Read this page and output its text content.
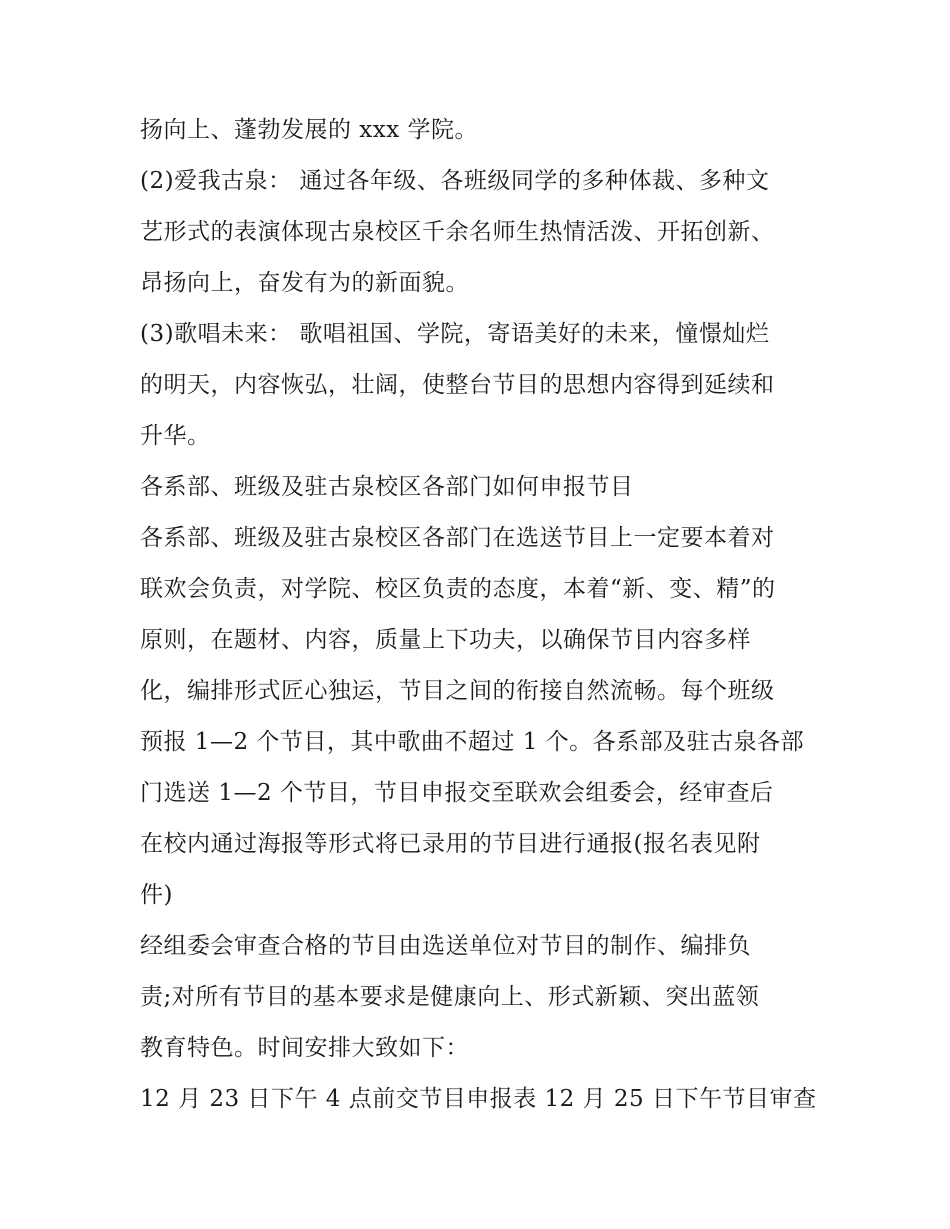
扬向上、蓬勃发展的 xxx 学院。

(2)爱我古泉： 通过各年级、各班级同学的多种体裁、多种文

艺形式的表演体现古泉校区千余名师生热情活泼、开拓创新、

昂扬向上，奋发有为的新面貌。

(3)歌唱未来： 歌唱祖国、学院，寄语美好的未来，憧憬灿烂

的明天，内容恢弘，壮阔，使整台节目的思想内容得到延续和

升华。

各系部、班级及驻古泉校区各部门如何申报节目

各系部、班级及驻古泉校区各部门在选送节目上一定要本着对

联欢会负责，对学院、校区负责的态度，本着“新、变、精”的

原则，在题材、内容，质量上下功夫，以确保节目内容多样

化，编排形式匠心独运，节目之间的衔接自然流畅。每个班级

预报 1—2 个节目，其中歌曲不超过 1 个。各系部及驻古泉各部

门选送 1—2 个节目，节目申报交至联欢会组委会，经审查后

在校内通过海报等形式将已录用的节目进行通报(报名表见附

件)

经组委会审查合格的节目由选送单位对节目的制作、编排负

责;对所有节目的基本要求是健康向上、形式新颖、突出蓝领

教育特色。时间安排大致如下：

12 月 23 日下午 4 点前交节目申报表 12 月 25 日下午节目审查
